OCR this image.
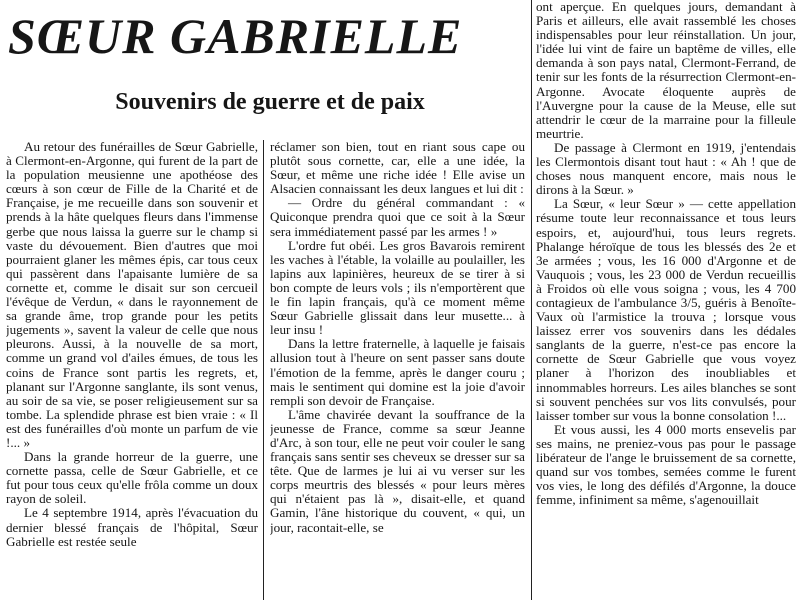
SŒUR GABRIELLE
Souvenirs de guerre et de paix

Au retour des funérailles de Sœur Gabrielle, à Clermont-en-Argonne, qui furent de la part de la population meusienne une apothéose des cœurs à son cœur de Fille de la Charité et de Française, je me recueille dans son souvenir et prends à la hâte quelques fleurs dans l'immense gerbe que nous laissa la guerre sur le champ si vaste du dévouement. Bien d'autres que moi pourraient glaner les mêmes épis, car tous ceux qui passèrent dans l'apaisante lumière de sa cornette et, comme le disait sur son cercueil l'évêque de Verdun, « dans le rayonnement de sa grande âme, trop grande pour les petits jugements », savent la valeur de celle que nous pleurons. Aussi, à la nouvelle de sa mort, comme un grand vol d'ailes émues, de tous les coins de France sont partis les regrets, et, planant sur l'Argonne sanglante, ils sont venus, au soir de sa vie, se poser religieusement sur sa tombe. La splendide phrase est bien vraie : « Il est des funérailles d'où monte un parfum de vie !... »

Dans la grande horreur de la guerre, une cornette passa, celle de Sœur Gabrielle, et ce fut pour tous ceux qu'elle frôla comme un doux rayon de soleil.

Le 4 septembre 1914, après l'évacuation du dernier blessé français de l'hôpital, Sœur Gabrielle est restée seule

réclamer son bien, tout en riant sous cape ou plutôt sous cornette, car, elle a une idée, la Sœur, et même une riche idée ! Elle avise un Alsacien connaissant les deux langues et lui dit :

— Ordre du général commandant : « Quiconque prendra quoi que ce soit à la Sœur sera immédiatement passé par les armes ! »

L'ordre fut obéi. Les gros Bavarois remirent les vaches à l'étable, la volaille au poulailler, les lapins aux lapinières, heureux de se tirer à si bon compte de leurs vols ; ils n'emportèrent que le fin lapin français, qu'à ce moment même Sœur Gabrielle glissait dans leur musette... à leur insu !

Dans la lettre fraternelle, à laquelle je faisais allusion tout à l'heure on sent passer sans doute l'émotion de la femme, après le danger couru ; mais le sentiment qui domine est la joie d'avoir rempli son devoir de Française.

L'âme chavirée devant la souffrance de la jeunesse de France, comme sa sœur Jeanne d'Arc, à son tour, elle ne peut voir couler le sang français sans sentir ses cheveux se dresser sur sa tête. Que de larmes je lui ai vu verser sur les corps meurtris des blessés « pour leurs mères qui n'étaient pas là », disait-elle, et quand Gamin, l'âne historique du couvent, « qui, un jour, racontait-elle, se

ont aperçue. En quelques jours, demandant à Paris et ailleurs, elle avait rassemblé les choses indispensables pour leur réinstallation. Un jour, l'idée lui vint de faire un baptême de villes, elle demanda à son pays natal, Clermont-Ferrand, de tenir sur les fonts de la résurrection Clermont-en-Argonne. Avocate éloquente auprès de l'Auvergne pour la cause de la Meuse, elle sut attendrir le cœur de la marraine pour la filleule meurtrie.

De passage à Clermont en 1919, j'entendais les Clermontois disant tout haut : « Ah ! que de choses nous manquent encore, mais nous le dirons à la Sœur. »

La Sœur, « leur Sœur » — cette appellation résume toute leur reconnaissance et tous leurs espoirs, et, aujourd'hui, tous leurs regrets. Phalange héroïque de tous les blessés des 2e et 3e armées ; vous, les 16 000 d'Argonne et de Vauquois ; vous, les 23 000 de Verdun recueillis à Froidos où elle vous soigna ; vous, les 4 700 contagieux de l'ambulance 3/5, guéris à Benoîte-Vaux où l'armistice la trouva ; lorsque vous laissez errer vos souvenirs dans les dédales sanglants de la guerre, n'est-ce pas encore la cornette de Sœur Gabrielle que vous voyez planer à l'horizon des inoubliables et innommables horreurs. Les ailes blanches se sont si souvent penchées sur vos lits convulsés, pour laisser tomber sur vous la bonne consolation !...

Et vous aussi, les 4 000 morts ensevelis par ses mains, ne preniez-vous pas pour le passage libérateur de l'ange le bruissement de sa cornette, quand sur vos tombes, semées comme le furent vos vies, le long des défilés d'Argonne, la douce femme, infiniment sa même, s'agenouillait
